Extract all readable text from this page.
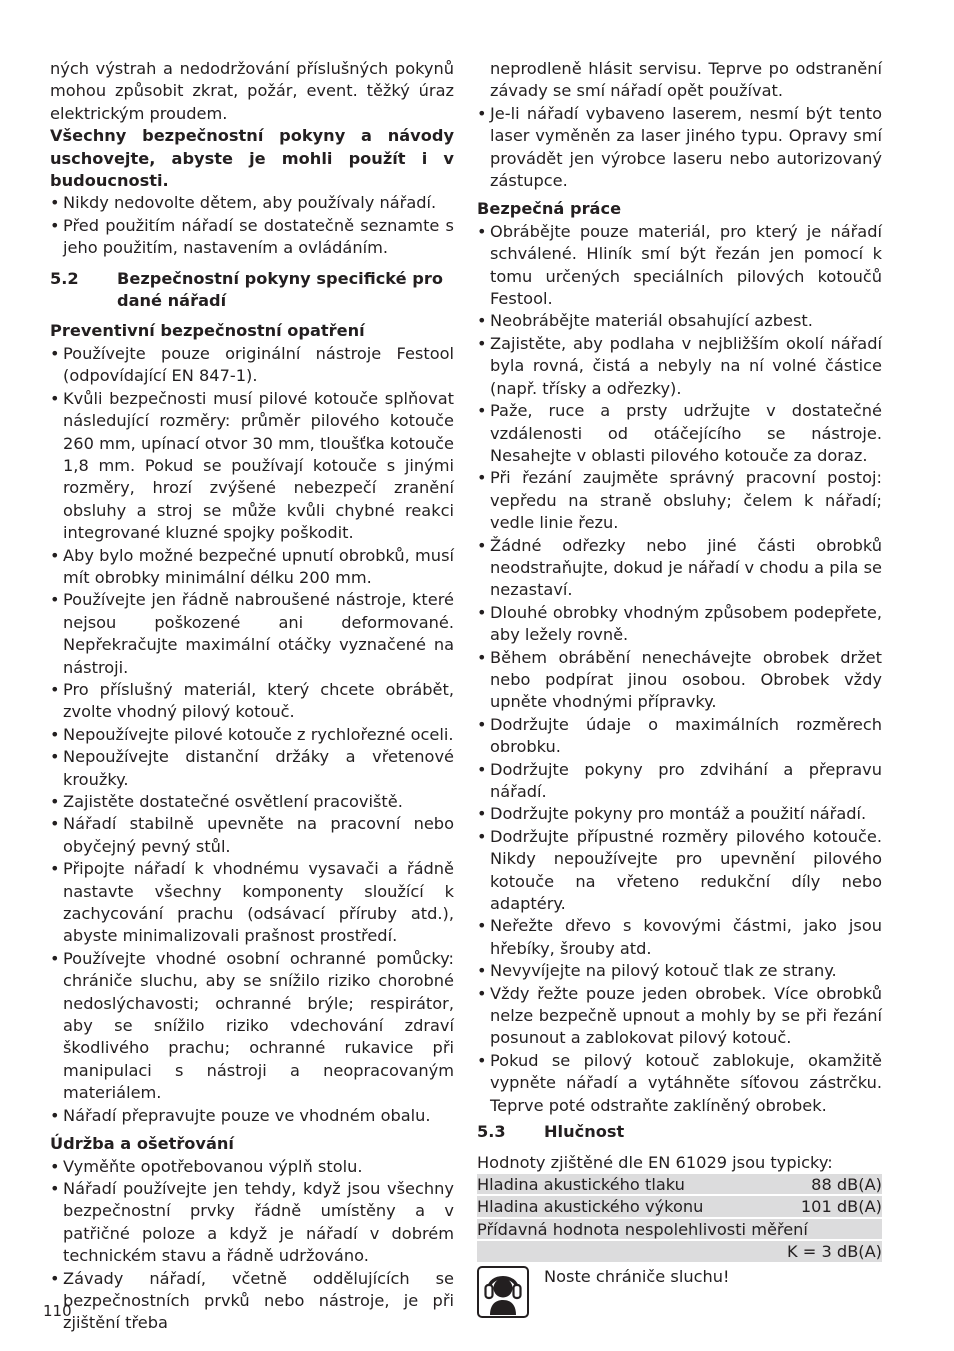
ných výstrah a nedodržování příslušných pokynů mohou způsobit zkrat, požár, event. těžký úraz elektrickým proudem.

Všechny bezpečnostní pokyny a návody uschovejte, abyste je mohli použít i v budoucnosti.

• Nikdy nedovolte dětem, aby používaly nářadí.
• Před použitím nářadí se dostatečně seznamte s jeho použitím, nastavením a ovládáním.
5.2	Bezpečnostní pokyny specifické pro dané nářadí

Preventivní bezpečnostní opatření

• Používejte pouze originální nástroje Festool (odpovídající EN 847-1).
• Kvůli bezpečnosti musí pilové kotouče splňovat následující rozměry: průměr pilového kotouče 260 mm, upínací otvor 30 mm, tloušťka kotouče 1,8 mm. Pokud se používají kotouče s jinými rozměry, hrozí zvýšené nebezpečí zranění obsluhy a stroj se může kvůli chybné reakci integrované kluzné spojky poškodit.
• Aby bylo možné bezpečné upnutí obrobků, musí mít obrobky minimální délku 200 mm.
• Používejte jen řádně nabroušené nástroje, které nejsou poškozené ani deformované. Nepřekračujte maximální otáčky vyznačené na nástroji.
• Pro příslušný materiál, který chcete obrábět, zvolte vhodný pilový kotouč.
• Nepoužívejte pilové kotouče z rychlořezné oceli.
• Nepoužívejte distanční držáky a vřetenové kroužky.
• Zajistěte dostatečné osvětlení pracoviště.
• Nářadí stabilně upevněte na pracovní nebo obyčejný pevný stůl.
• Připojte nářadí k vhodnému vysavači a řádně nastavte všechny komponenty sloužící k zachycování prachu (odsávací příruby atd.), abyste minimalizovali prašnost prostředí.
• Používejte vhodné osobní ochranné pomůcky: chrániče sluchu, aby se snížilo riziko chorobné nedoslýchavosti; ochranné brýle; respirátor, aby se snížilo riziko vdechování zdraví škodlivého prachu; ochranné rukavice při manipulaci s nástroji a neopracovaným materiálem.
• Nářadí přepravujte pouze ve vhodném obalu.

Údržba a ošetřování

• Vyměňte opotřebovanou výplň stolu.
• Nářadí používejte jen tehdy, když jsou všechny bezpečnostní prvky řádně umístěny a v patřičné poloze a když je nářadí v dobrém technickém stavu a řádně udržováno.
• Závady nářadí, včetně oddělujících se bezpečnostních prvků nebo nástroje, je při zjištění třeba

neprodleně hlásit servisu. Teprve po odstranění závady se smí nářadí opět používat.

• Je-li nářadí vybaveno laserem, nesmí být tento laser vyměněn za laser jiného typu. Opravy smí provádět jen výrobce laseru nebo autorizovaný zástupce.

Bezpečná práce

• Obrábějte pouze materiál, pro který je nářadí schválené. Hliník smí být řezán jen pomocí k tomu určených speciálních pilových kotoučů Festool.
• Neobrábějte materiál obsahující azbest.
• Zajistěte, aby podlaha v nejbližším okolí nářadí byla rovná, čistá a nebyly na ní volné částice (např. třísky a odřezky).
• Paže, ruce a prsty udržujte v dostatečné vzdálenosti od otáčejícího se nástroje. Nesahejte v oblasti pilového kotouče za doraz.
• Při řezání zaujměte správný pracovní postoj: vepředu na straně obsluhy; čelem k nářadí; vedle linie řezu.
• Žádné odřezky nebo jiné části obrobků neodstraňujte, dokud je nářadí v chodu a pila se nezastaví.
• Dlouhé obrobky vhodným způsobem podepřete, aby ležely rovně.
• Během obrábění nenechávejte obrobek držet nebo podpírat jinou osobou. Obrobek vždy upněte vhodnými přípravky.
• Dodržujte údaje o maximálních rozměrech obrobku.
• Dodržujte pokyny pro zdvihání a přepravu nářadí.
• Dodržujte pokyny pro montáž a použití nářadí.
• Dodržujte přípustné rozměry pilového kotouče. Nikdy nepoužívejte pro upevnění pilového kotouče na vřeteno redukční díly nebo adaptéry.
• Neřežte dřevo s kovovými částmi, jako jsou hřebíky, šrouby atd.
• Nevyvíjejte na pilový kotouč tlak ze strany.
• Vždy řežte pouze jeden obrobek. Více obrobků nelze bezpečně upnout a mohly by se při řezání posunout a zablokovat pilový kotouč.
• Pokud se pilový kotouč zablokuje, okamžitě vypněte nářadí a vytáhněte síťovou zástrčku. Teprve poté odstraňte zaklíněný obrobek.
5.3	Hlučnost

Hodnoty zjištěné dle EN 61029 jsou typicky:

Hladina akustického tlaku	88 dB(A)
Hladina akustického výkonu	101 dB(A)
Přídavná hodnota nespolehlivosti měření
K = 3 dB(A)
Noste chrániče sluchu!
110
